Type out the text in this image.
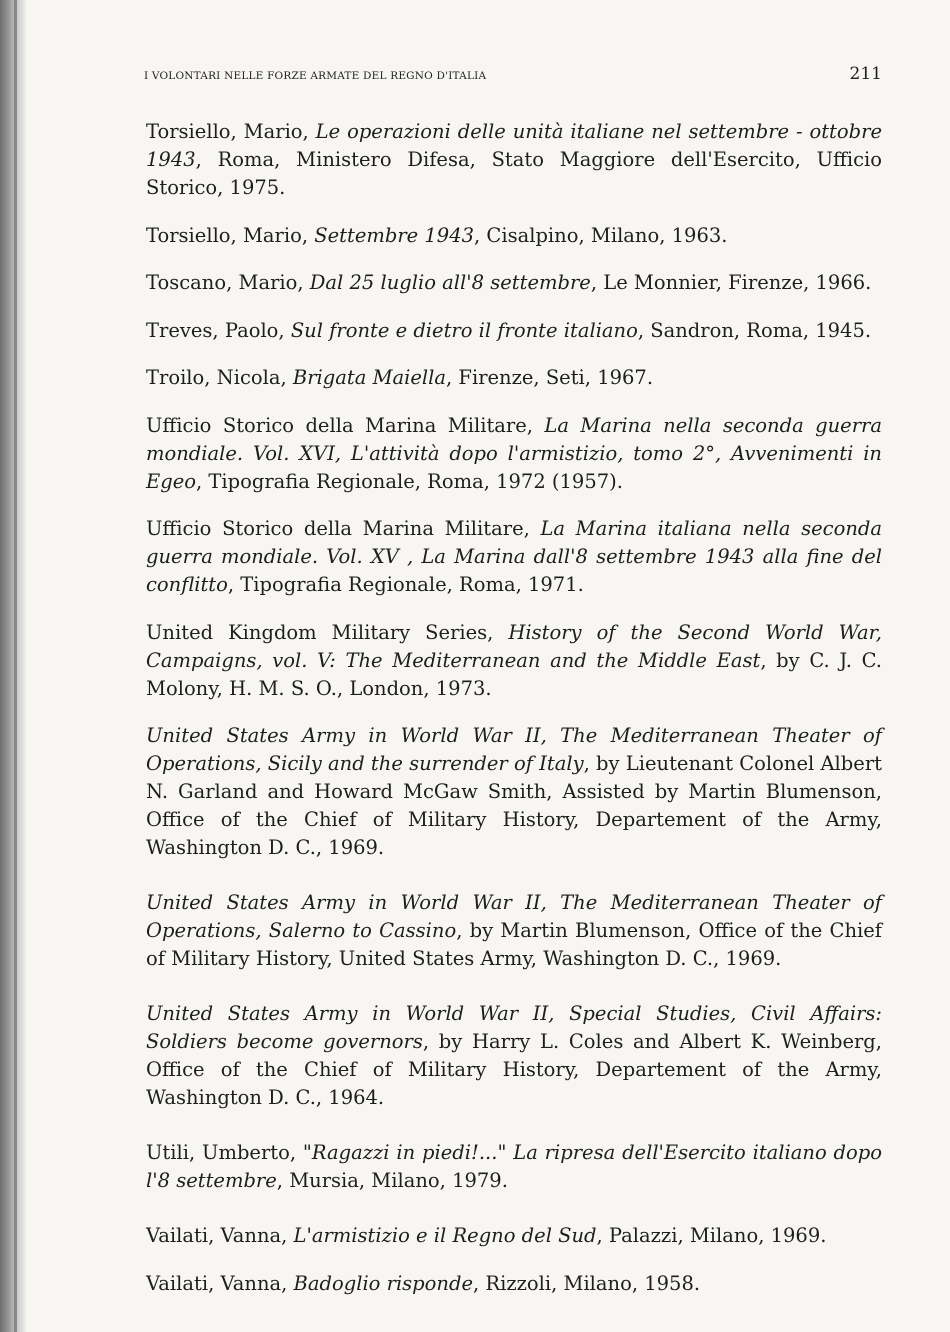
I VOLONTARI NELLE FORZE ARMATE DEL REGNO D'ITALIA	211

Torsiello, Mario, Le operazioni delle unità italiane nel settembre - ottobre 1943, Roma, Ministero Difesa, Stato Maggiore dell'Esercito, Ufficio Storico, 1975.

Torsiello, Mario, Settembre 1943, Cisalpino, Milano, 1963.

Toscano, Mario, Dal 25 luglio all'8 settembre, Le Monnier, Firenze, 1966.

Treves, Paolo, Sul fronte e dietro il fronte italiano, Sandron, Roma, 1945.

Troilo, Nicola, Brigata Maiella, Firenze, Seti, 1967.

Ufficio Storico della Marina Militare, La Marina nella seconda guerra mondiale. Vol. XVI, L'attività dopo l'armistizio, tomo 2°, Avvenimenti in Egeo, Tipografia Regionale, Roma, 1972 (1957).

Ufficio Storico della Marina Militare, La Marina italiana nella seconda guerra mondiale. Vol. XV , La Marina dall'8 settembre 1943 alla fine del conflitto, Tipografia Regionale, Roma, 1971.

United Kingdom Military Series, History of the Second World War, Campaigns, vol. V: The Mediterranean and the Middle East, by C. J. C. Molony, H. M. S. O., London, 1973.

United States Army in World War II, The Mediterranean Theater of Operations, Sicily and the surrender of Italy, by Lieutenant Colonel Albert N. Garland and Howard McGaw Smith, Assisted by Martin Blumenson, Office of the Chief of Military History, Departement of the Army, Washington D. C., 1969.

United States Army in World War II, The Mediterranean Theater of Operations, Salerno to Cassino, by Martin Blumenson, Office of the Chief of Military History, United States Army, Washington D. C., 1969.

United States Army in World War II, Special Studies, Civil Affairs: Soldiers become governors, by Harry L. Coles and Albert K. Weinberg, Office of the Chief of Military History, Departement of the Army, Washington D. C., 1964.

Utili, Umberto, "Ragazzi in piedi!..." La ripresa dell'Esercito italiano dopo l'8 settembre, Mursia, Milano, 1979.

Vailati, Vanna, L'armistizio e il Regno del Sud, Palazzi, Milano, 1969.

Vailati, Vanna, Badoglio risponde, Rizzoli, Milano, 1958.
